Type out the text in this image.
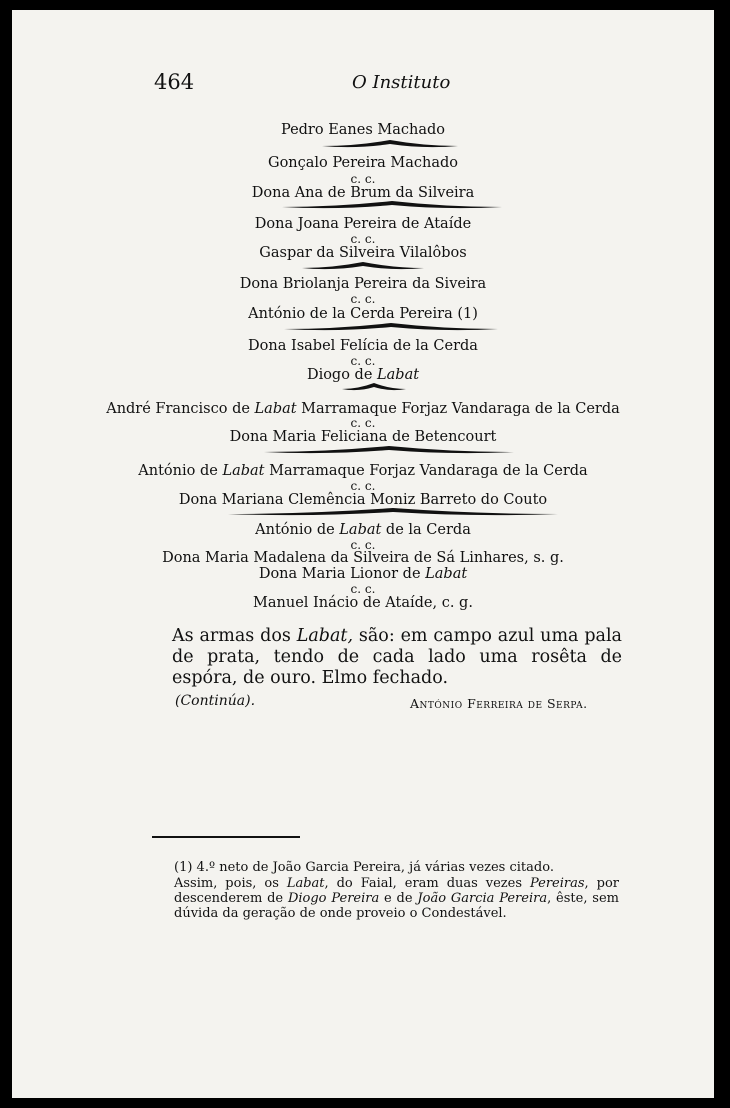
464	O Instituto
Pedro Eanes Machado
Gonçalo Pereira Machado
c. c.
Dona Ana de Brum da Silveira
Dona Joana Pereira de Ataíde
c. c.
Gaspar da Silveira Vilalôbos
Dona Briolanja Pereira da Siveira
c. c.
António de la Cerda Pereira (1)
Dona Isabel Felícia de la Cerda
c. c.
Diogo de Labat
André Francisco de Labat Marramaque Forjaz Vandaraga de la Cerda
c. c.
Dona Maria Feliciana de Betencourt
António de Labat Marramaque Forjaz Vandaraga de la Cerda
c. c.
Dona Mariana Clemência Moniz Barreto do Couto
António de Labat de la Cerda
c. c.
Dona Maria Madalena da Silveira de Sá Linhares, s. g.
Dona Maria Lionor de Labat
c. c.
Manuel Inácio de Ataíde, c. g.
As armas dos Labat, são: em campo azul uma pala de prata, tendo de cada lado uma rosêta de espóra, de ouro. Elmo fechado.
(Continúa).	António Ferreira de Serpa.
(1) 4.º neto de João Garcia Pereira, já várias vezes citado.
Assim, pois, os Labat, do Faial, eram duas vezes Pereiras, por descenderem de Diogo Pereira e de João Garcia Pereira, êste, sem dúvida da geração de onde proveio o Condestável.
